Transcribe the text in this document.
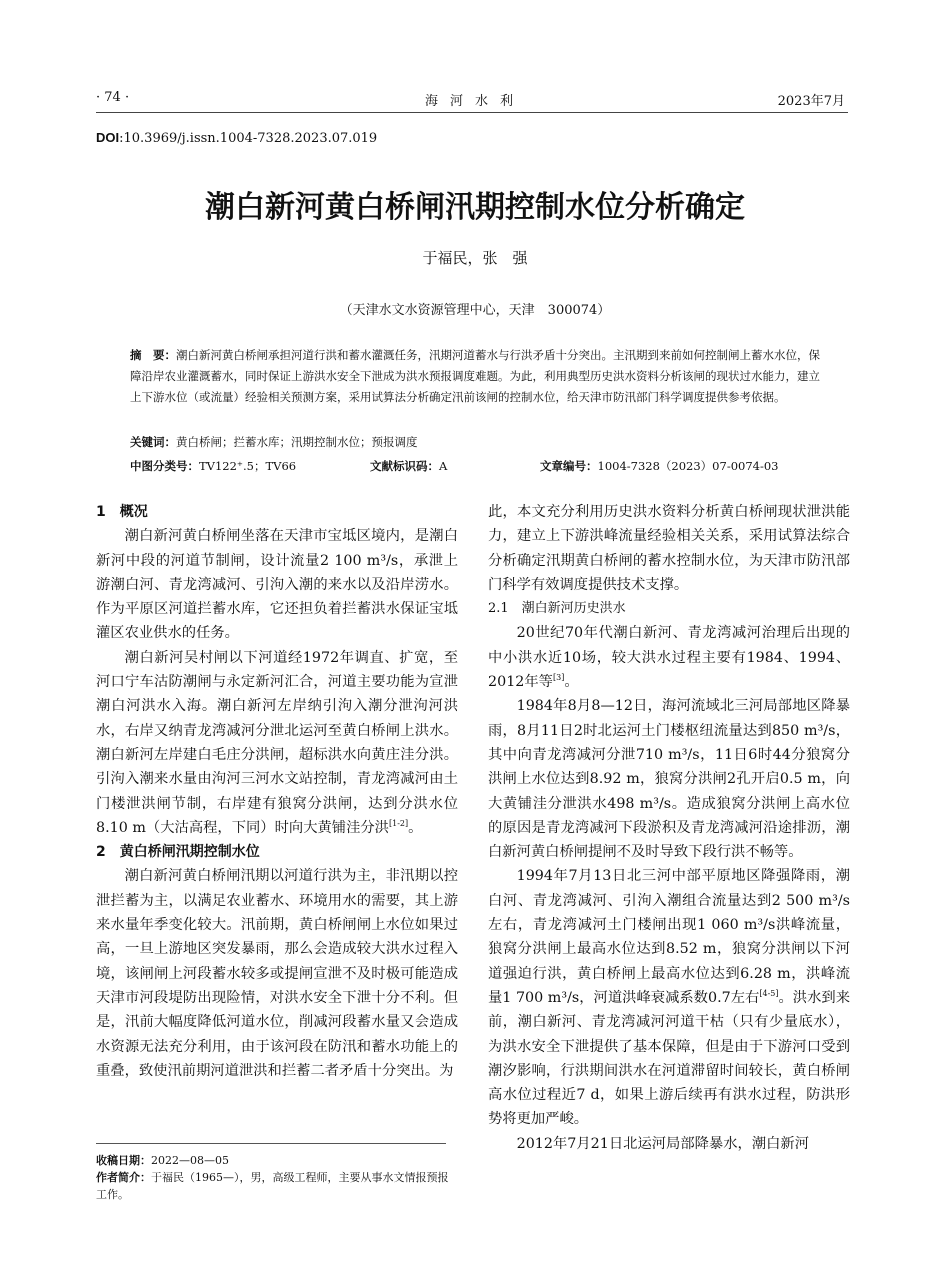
· 74 ·	海河水利	2023年7月
DOI:10.3969/j.issn.1004-7328.2023.07.019
潮白新河黄白桥闸汛期控制水位分析确定
于福民，张　强
（天津水文水资源管理中心，天津　300074）
摘　要：潮白新河黄白桥闸承担河道行洪和蓄水灌溉任务，汛期河道蓄水与行洪矛盾十分突出。主汛期到来前如何控制闸上蓄水水位，保障沿岸农业灌溉蓄水，同时保证上游洪水安全下泄成为洪水预报调度难题。为此，利用典型历史洪水资料分析该闸的现状过水能力，建立上下游水位（或流量）经验相关预测方案，采用试算法分析确定汛前该闸的控制水位，给天津市防汛部门科学调度提供参考依据。
关键词：黄白桥闸；拦蓄水库；汛期控制水位；预报调度
中图分类号：TV122⁺.5；TV66	文献标识码：A	文章编号：1004-7328（2023）07-0074-03
1　概况

潮白新河黄白桥闸坐落在天津市宝坻区境内，是潮白新河中段的河道节制闸，设计流量2 100 m³/s，承泄上游潮白河、青龙湾减河、引泃入潮的来水以及沿岸涝水。作为平原区河道拦蓄水库，它还担负着拦蓄洪水保证宝坻灌区农业供水的任务。

潮白新河吴村闸以下河道经1972年调直、扩宽，至河口宁车沽防潮闸与永定新河汇合，河道主要功能为宣泄潮白河洪水入海。潮白新河左岸纳引泃入潮分泄泃河洪水，右岸又纳青龙湾减河分泄北运河至黄白桥闸上洪水。潮白新河左岸建白毛庄分洪闸，超标洪水向黄庄洼分洪。引泃入潮来水量由泃河三河水文站控制，青龙湾减河由土门楼泄洪闸节制，右岸建有狼窝分洪闸，达到分洪水位 8.10 m（大沽高程，下同）时向大黄铺洼分洪[1-2]。

2　黄白桥闸汛期控制水位

潮白新河黄白桥闸汛期以河道行洪为主，非汛期以控泄拦蓄为主，以满足农业蓄水、环境用水的需要，其上游来水量年季变化较大。汛前期，黄白桥闸闸上水位如果过高，一旦上游地区突发暴雨，那么会造成较大洪水过程入境，该闸闸上河段蓄水较多或提闸宣泄不及时极可能造成天津市河段堤防出现险情，对洪水安全下泄十分不利。但是，汛前大幅度降低河道水位，削减河段蓄水量又会造成水资源无法充分利用，由于该河段在防汛和蓄水功能上的重叠，致使汛前期河道泄洪和拦蓄二者矛盾十分突出。为

收稿日期：2022—08—05
作者简介：于福民（1965—），男，高级工程师，主要从事水文情报预报工作。

此，本文充分利用历史洪水资料分析黄白桥闸现状泄洪能力，建立上下游洪峰流量经验相关关系，采用试算法综合分析确定汛期黄白桥闸的蓄水控制水位，为天津市防汛部门科学有效调度提供技术支撑。

2.1　潮白新河历史洪水

20世纪70年代潮白新河、青龙湾减河治理后出现的中小洪水近10场，较大洪水过程主要有1984、1994、2012年等[3]。

1984年8月8—12日，海河流域北三河局部地区降暴雨，8月11日2时北运河土门楼枢纽流量达到850 m³/s，其中向青龙湾减河分泄710 m³/s，11日6时44分狼窝分洪闸上水位达到8.92 m，狼窝分洪闸2孔开启0.5 m，向大黄铺洼分泄洪水498 m³/s。造成狼窝分洪闸上高水位的原因是青龙湾减河下段淤积及青龙湾减河沿途排沥，潮白新河黄白桥闸提闸不及时导致下段行洪不畅等。

1994年7月13日北三河中部平原地区降强降雨，潮白河、青龙湾减河、引泃入潮组合流量达到2 500 m³/s左右，青龙湾减河土门楼闸出现1 060 m³/s洪峰流量，狼窝分洪闸上最高水位达到8.52 m，狼窝分洪闸以下河道强迫行洪，黄白桥闸上最高水位达到6.28 m，洪峰流量1 700 m³/s，河道洪峰衰减系数0.7左右[4-5]。洪水到来前，潮白新河、青龙湾减河河道干枯（只有少量底水），为洪水安全下泄提供了基本保障，但是由于下游河口受到潮汐影响，行洪期间洪水在河道滞留时间较长，黄白桥闸高水位过程近7 d，如果上游后续再有洪水过程，防洪形势将更加严峻。

2012年7月21日北运河局部降暴水，潮白新河
